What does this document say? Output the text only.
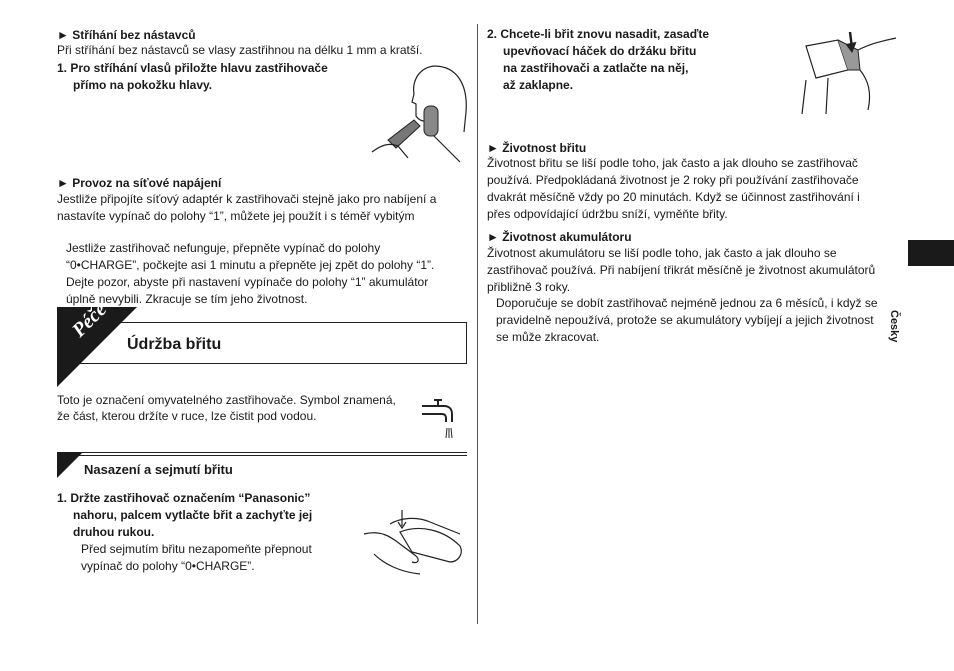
► Stříhání bez nástavců
Při stříhání bez nástavců se vlasy zastřihnou na délku 1 mm a kratší.
1. Pro stříhání vlasů přiložte hlavu zastřihovače
přímo na pokožku hlavy.
► Provoz na síťové napájení
Jestliže připojíte síťový adaptér k zastřihovači stejně jako pro nabíjení a
nastavíte vypínač do polohy “1”, můžete jej použít i s téměř vybitým
Jestliže zastřihovač nefunguje, přepněte vypínač do polohy
“0•CHARGE”, počkejte asi 1 minutu a přepněte jej zpět do polohy “1”.
Dejte pozor, abyste při nastavení vypínače do polohy “1” akumulátor
úplně nevybili. Zkracuje se tím jeho životnost.
Péče
Údržba břitu
Toto je označení omyvatelného zastřihovače. Symbol znamená,
že část, kterou držíte v ruce, lze čistit pod vodou.
Nasazení a sejmutí břitu
1. Držte zastřihovač označením “Panasonic”
nahoru, palcem vytlačte břit a zachyťte jej
druhou rukou.
Před sejmutím břitu nezapomeňte přepnout
vypínač do polohy “0•CHARGE”.
2. Chcete-li břit znovu nasadit, zasaďte
upevňovací háček do držáku břitu
na zastřihovači a zatlačte na něj,
až zaklapne.
► Životnost břitu
Životnost břitu se liší podle toho, jak často a jak dlouho se zastřihovač
používá. Předpokládaná životnost je 2 roky při používání zastřihovače
dvakrát měsíčně vždy po 20 minutách. Když se účinnost zastřihování i
přes odpovídající údržbu sníží, vyměňte břity.
► Životnost akumulátoru
Životnost akumulátoru se liší podle toho, jak často a jak dlouho se
zastřihovač používá. Při nabíjení třikrát měsíčně je životnost akumulátorů
přibližně 3 roky.
Doporučuje se dobít zastřihovač nejméně jednou za 6 měsíců, i když se
pravidelně nepoužívá, protože se akumulátory vybíjejí a jejich životnost
se může zkracovat.	Česky
